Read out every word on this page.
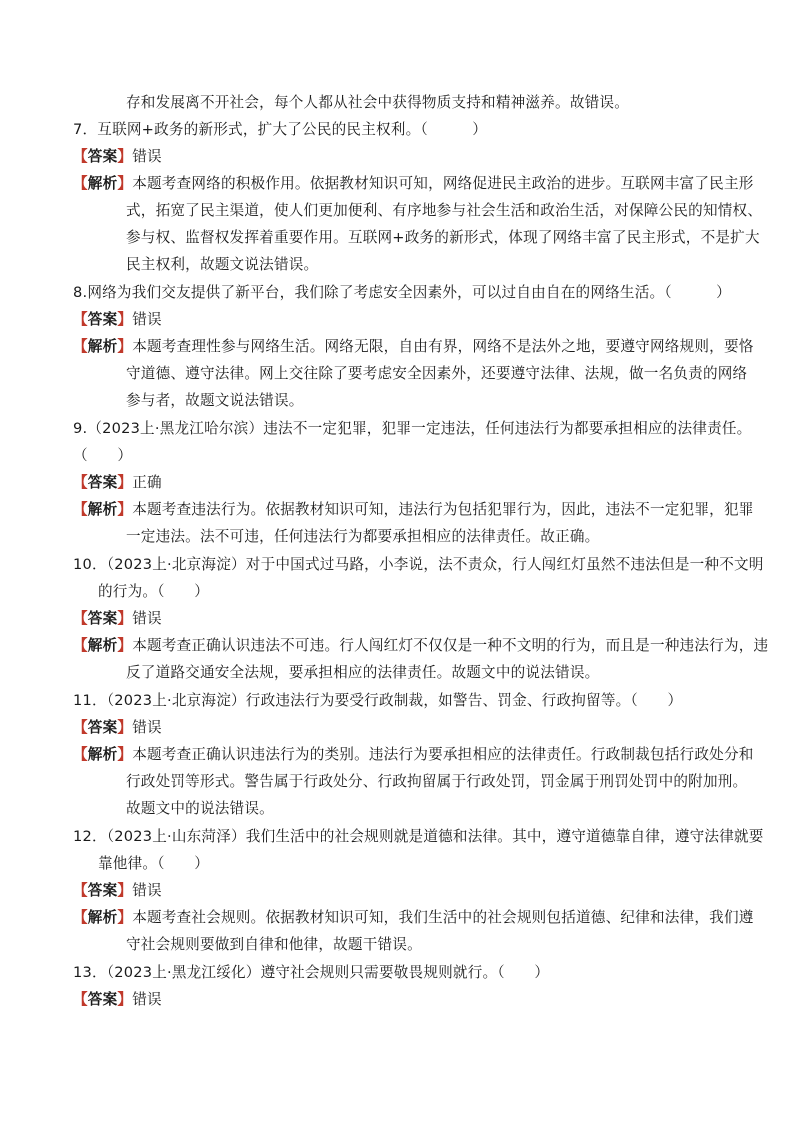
存和发展离不开社会，每个人都从社会中获得物质支持和精神滋养。故错误。
7．互联网+政务的新形式，扩大了公民的民主权利。（　　　）
【答案】错误
【解析】本题考查网络的积极作用。依据教材知识可知，网络促进民主政治的进步。互联网丰富了民主形
式，拓宽了民主渠道，使人们更加便利、有序地参与社会生活和政治生活，对保障公民的知情权、
参与权、监督权发挥着重要作用。互联网+政务的新形式，体现了网络丰富了民主形式，不是扩大
民主权利，故题文说法错误。
8.网络为我们交友提供了新平台，我们除了考虑安全因素外，可以过自由自在的网络生活。（　　　）
【答案】错误
【解析】本题考查理性参与网络生活。网络无限，自由有界，网络不是法外之地，要遵守网络规则，要恪
守道德、遵守法律。网上交往除了要考虑安全因素外，还要遵守法律、法规，做一名负责的网络
参与者，故题文说法错误。
9.（2023上·黑龙江哈尔滨）违法不一定犯罪，犯罪一定违法，任何违法行为都要承担相应的法律责任。
（　　）
【答案】正确
【解析】本题考查违法行为。依据教材知识可知，违法行为包括犯罪行为，因此，违法不一定犯罪，犯罪
一定违法。法不可违，任何违法行为都要承担相应的法律责任。故正确。
10．（2023上·北京海淀）对于中国式过马路，小李说，法不责众，行人闯红灯虽然不违法但是一种不文明
的行为。（　　）
【答案】错误
【解析】本题考查正确认识违法不可违。行人闯红灯不仅仅是一种不文明的行为，而且是一种违法行为，违
反了道路交通安全法规，要承担相应的法律责任。故题文中的说法错误。
11．（2023上·北京海淀）行政违法行为要受行政制裁，如警告、罚金、行政拘留等。（　　）
【答案】错误
【解析】本题考查正确认识违法行为的类别。违法行为要承担相应的法律责任。行政制裁包括行政处分和
行政处罚等形式。警告属于行政处分、行政拘留属于行政处罚，罚金属于刑罚处罚中的附加刑。
故题文中的说法错误。
12．（2023上·山东菏泽）我们生活中的社会规则就是道德和法律。其中，遵守道德靠自律，遵守法律就要
靠他律。（　　）
【答案】错误
【解析】本题考查社会规则。依据教材知识可知，我们生活中的社会规则包括道德、纪律和法律，我们遵
守社会规则要做到自律和他律，故题干错误。
13．（2023上·黑龙江绥化）遵守社会规则只需要敬畏规则就行。（　　）
【答案】错误
